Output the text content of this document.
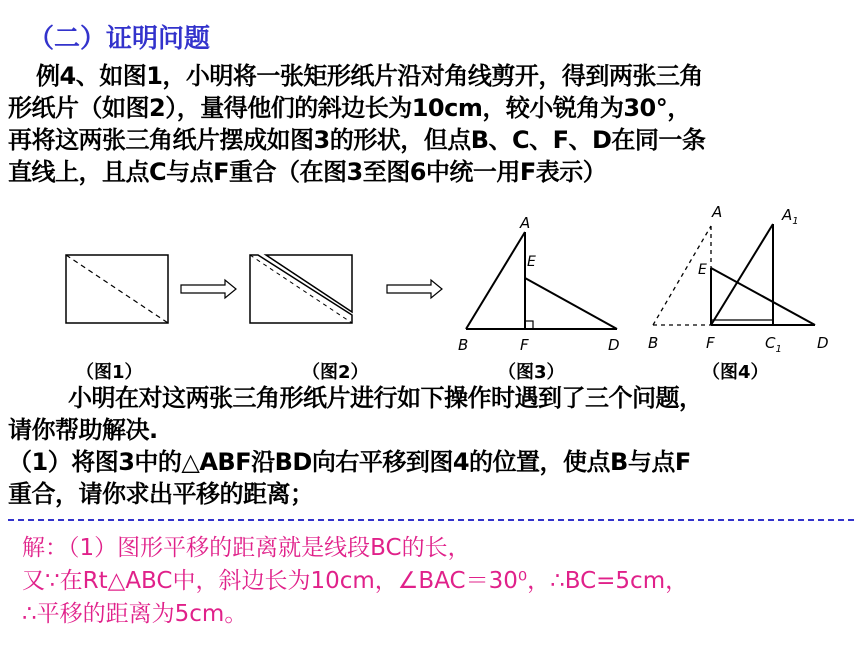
（二）证明问题

例4、如图1，小明将一张矩形纸片沿对角线剪开，得到两张三角

形纸片（如图2），量得他们的斜边长为10cm，较小锐角为30°，

再将这两张三角纸片摆成如图3的形状，但点B、C、F、D在同一条

直线上，且点C与点F重合（在图3至图6中统一用F表示）

A
E
B	F	D
A	$A_1$
E
B	F	$C_1$ D
（图1）	（图2）	（图3）	（图4）

小明在对这两张三角形纸片进行如下操作时遇到了三个问题，

请你帮助解决.

（1）将图3中的△ABF沿BD向右平移到图4的位置，使点B与点F

重合，请你求出平移的距离；

解：（1）图形平移的距离就是线段BC的长，

又∵在Rt△ABC中，斜边长为10cm，∠BAC＝30⁰，∴BC=5cm，

∴平移的距离为5cm。
